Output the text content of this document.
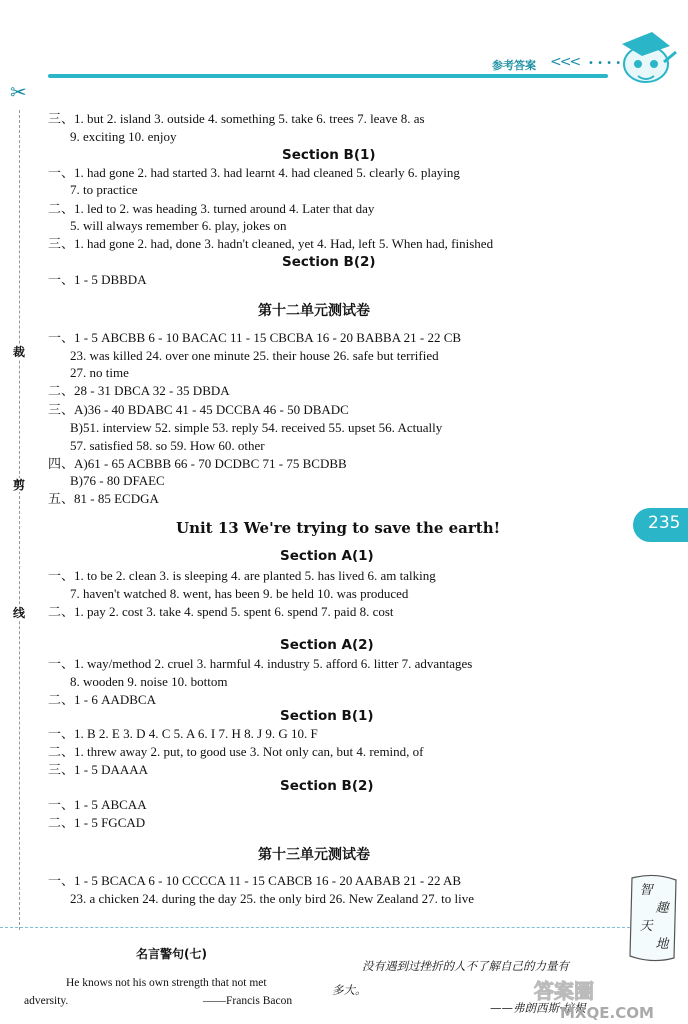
参考答案 <<< • • • •
✂
裁
剪
线
235
三、1. but 2. island 3. outside 4. something 5. take 6. trees 7. leave 8. as
9. exciting 10. enjoy
Section B(1)
一、1. had gone 2. had started 3. had learnt 4. had cleaned 5. clearly 6. playing
7. to practice
二、1. led to 2. was heading 3. turned around 4. Later that day
5. will always remember 6. play, jokes on
三、1. had gone 2. had, done 3. hadn't cleaned, yet 4. Had, left 5. When had, finished
Section B(2)
一、1 - 5 DBBDA
第十二单元测试卷
一、1 - 5 ABCBB 6 - 10 BACAC 11 - 15 CBCBA 16 - 20 BABBA 21 - 22 CB
23. was killed 24. over one minute 25. their house 26. safe but terrified
27. no time
二、28 - 31 DBCA 32 - 35 DBDA
三、A)36 - 40 BDABC 41 - 45 DCCBA 46 - 50 DBADC
B)51. interview 52. simple 53. reply 54. received 55. upset 56. Actually
57. satisfied 58. so 59. How 60. other
四、A)61 - 65 ACBBB 66 - 70 DCDBC 71 - 75 BCDBB
B)76 - 80 DFAEC
五、81 - 85 ECDGA
Unit 13 We're trying to save the earth!
Section A(1)
一、1. to be 2. clean 3. is sleeping 4. are planted 5. has lived 6. am talking
7. haven't watched 8. went, has been 9. be held 10. was produced
二、1. pay 2. cost 3. take 4. spend 5. spent 6. spend 7. paid 8. cost
Section A(2)
一、1. way/method 2. cruel 3. harmful 4. industry 5. afford 6. litter 7. advantages
8. wooden 9. noise 10. bottom
二、1 - 6 AADBCA
Section B(1)
一、1. B 2. E 3. D 4. C 5. A 6. I 7. H 8. J 9. G 10. F
二、1. threw away 2. put, to good use 3. Not only can, but 4. remind, of
三、1 - 5 DAAAA
Section B(2)
一、1 - 5 ABCAA
二、1 - 5 FGCAD
第十三单元测试卷
一、1 - 5 BCACA 6 - 10 CCCCA 11 - 15 CABCB 16 - 20 AABAB 21 - 22 AB
23. a chicken 24. during the day 25. the only bird 26. New Zealand 27. to live
名言警句(七)
He knows not his own strength that not met
adversity.	——Francis Bacon
没有遇到过挫折的人不了解自己的力量有
多大。
——弗朗西斯·培根
智趣天地
答案圈
MXQE.COM
